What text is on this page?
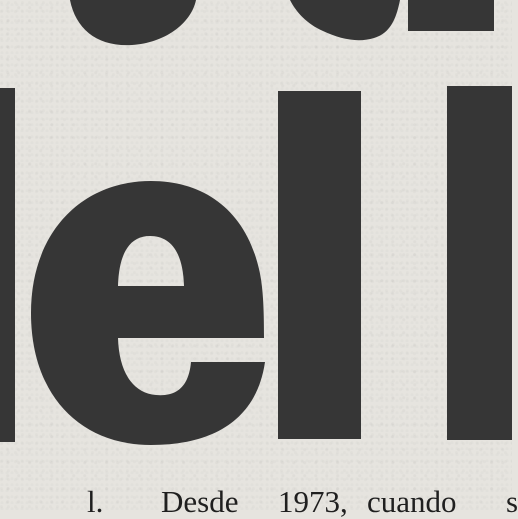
l. Desde 1973, cuando s
